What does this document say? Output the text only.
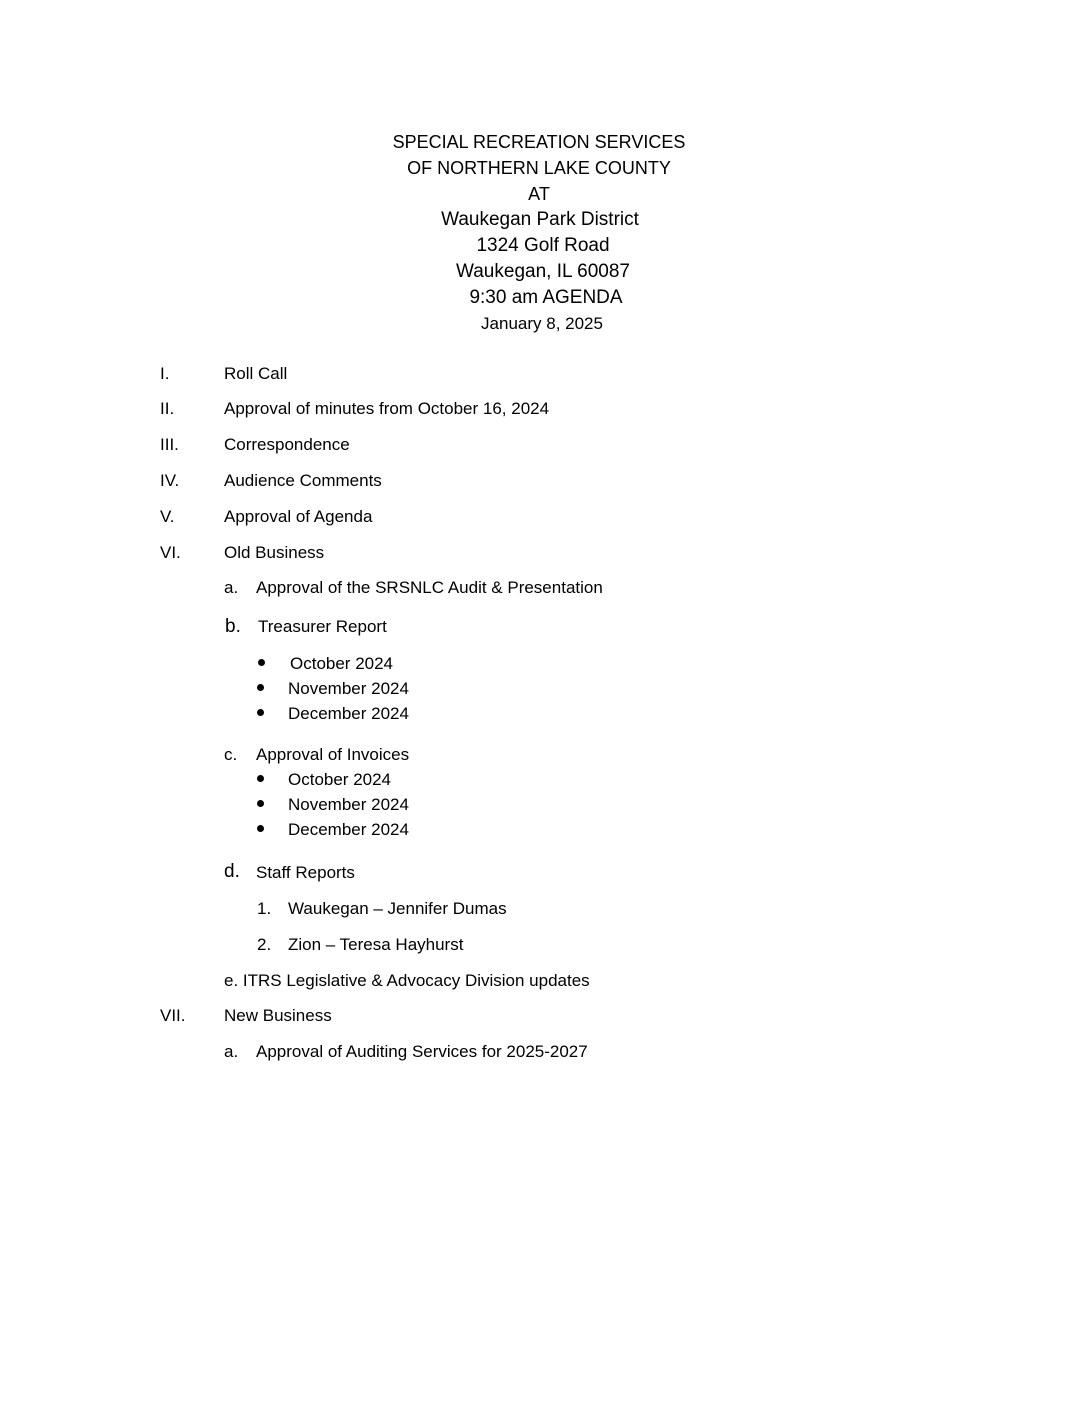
SPECIAL RECREATION SERVICES
OF NORTHERN LAKE COUNTY
AT
Waukegan Park District
1324 Golf Road
Waukegan, IL 60087
9:30 am AGENDA
January 8, 2025
I.	Roll Call
II.	Approval of minutes from October 16, 2024
III.	Correspondence
IV.	Audience Comments
V.	Approval of Agenda
VI.	Old Business
a. Approval of the SRSNLC Audit & Presentation
b. Treasurer Report
October 2024
November 2024
December 2024
c. Approval of Invoices
October 2024
November 2024
December 2024
d. Staff Reports
1. Waukegan – Jennifer Dumas
2. Zion – Teresa Hayhurst
e. ITRS Legislative & Advocacy Division updates
VII. New Business
a. Approval of Auditing Services for 2025-2027
